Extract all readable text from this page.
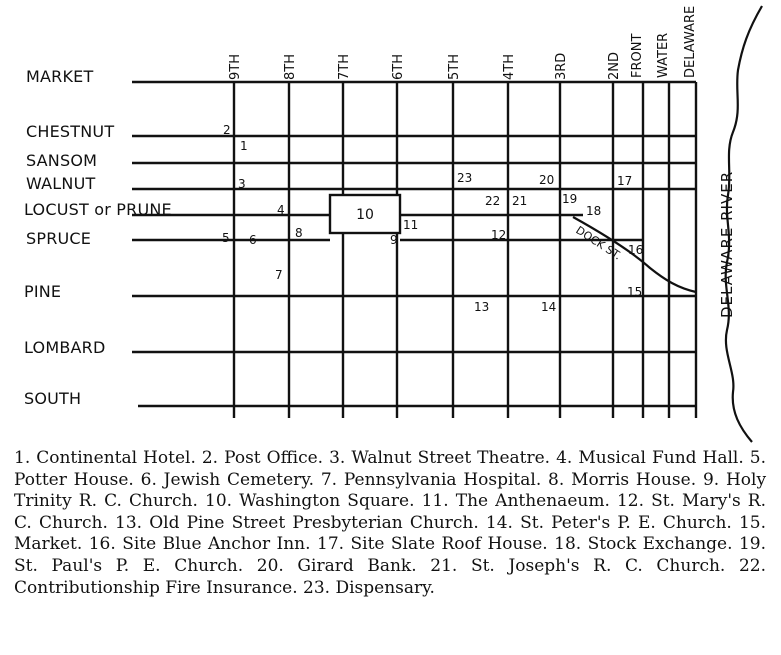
10
DOCK ST.	DELAWARE RIVER
MARKET
CHESTNUT
SANSOM
WALNUT
LOCUST or PRUNE
SPRUCE
PINE
LOMBARD
SOUTH
9TH	8TH	7TH	6TH	5TH	4TH	3RD	2ND FRONT WATER DELAWARE
1
2
3
4
5 6
7
8	9
11
12
13	14
15
16
17
18
19
20
21
22
23
1. Continental Hotel. 2. Post Office. 3. Walnut Street Theatre. 4. Musical Fund Hall. 5. Potter House. 6. Jewish Cemetery. 7. Pennsylvania Hospital. 8. Morris House. 9. Holy Trinity R. C. Church. 10. Washington Square. 11. The Anthenaeum. 12. St. Mary's R. C. Church. 13. Old Pine Street Presbyterian Church. 14. St. Peter's P. E. Church. 15. Market. 16. Site Blue Anchor Inn. 17. Site Slate Roof House. 18. Stock Exchange. 19. St. Paul's P. E. Church. 20. Girard Bank. 21. St. Joseph's R. C. Church. 22. Contributionship Fire Insurance. 23. Dispensary.
